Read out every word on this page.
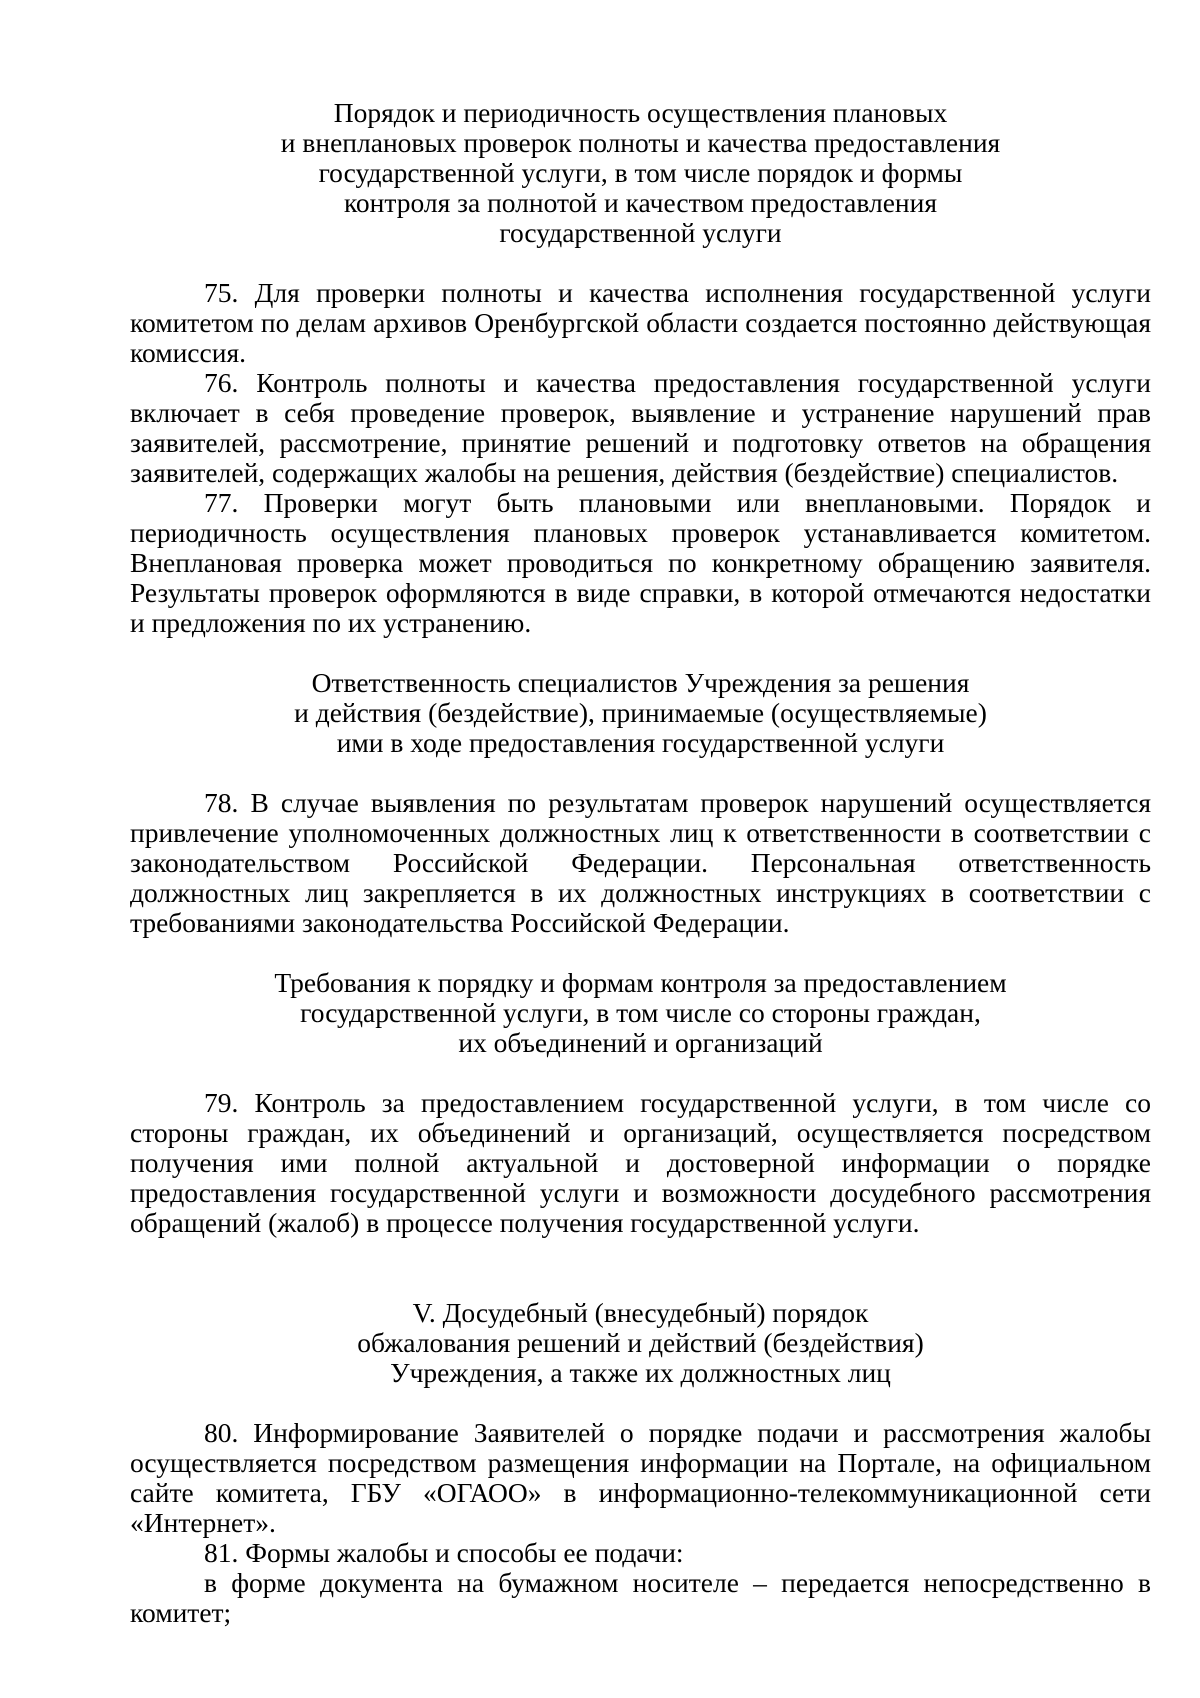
Порядок и периодичность осуществления плановых
и внеплановых проверок полноты и качества предоставления
государственной услуги, в том числе порядок и формы
контроля за полнотой и качеством предоставления
государственной услуги

75. Для проверки полноты и качества исполнения государственной услуги комитетом по делам архивов Оренбургской области создается постоянно действующая комиссия.

76. Контроль полноты и качества предоставления государственной услуги включает в себя проведение проверок, выявление и устранение нарушений прав заявителей, рассмотрение, принятие решений и подготовку ответов на обращения заявителей, содержащих жалобы на решения, действия (бездействие) специалистов.

77. Проверки могут быть плановыми или внеплановыми. Порядок и периодичность осуществления плановых проверок устанавливается комитетом. Внеплановая проверка может проводиться по конкретному обращению заявителя. Результаты проверок оформляются в виде справки, в которой отмечаются недостатки и предложения по их устранению.

Ответственность специалистов Учреждения за решения
и действия (бездействие), принимаемые (осуществляемые)
ими в ходе предоставления государственной услуги

78. В случае выявления по результатам проверок нарушений осуществляется привлечение уполномоченных должностных лиц к ответственности в соответствии с законодательством Российской Федерации. Персональная ответственность должностных лиц закрепляется в их должностных инструкциях в соответствии с требованиями законодательства Российской Федерации.

Требования к порядку и формам контроля за предоставлением
государственной услуги, в том числе со стороны граждан,
их объединений и организаций

79. Контроль за предоставлением государственной услуги, в том числе со стороны граждан, их объединений и организаций, осуществляется посредством получения ими полной актуальной и достоверной информации о порядке предоставления государственной услуги и возможности досудебного рассмотрения обращений (жалоб) в процессе получения государственной услуги.

V. Досудебный (внесудебный) порядок
обжалования решений и действий (бездействия)
Учреждения, а также их должностных лиц

80. Информирование Заявителей о порядке подачи и рассмотрения жалобы осуществляется посредством размещения информации на Портале, на официальном сайте комитета, ГБУ «ОГАОО» в информационно-телекоммуникационной сети «Интернет».

81. Формы жалобы и способы ее подачи:

в форме документа на бумажном носителе – передается непосредственно в комитет;
